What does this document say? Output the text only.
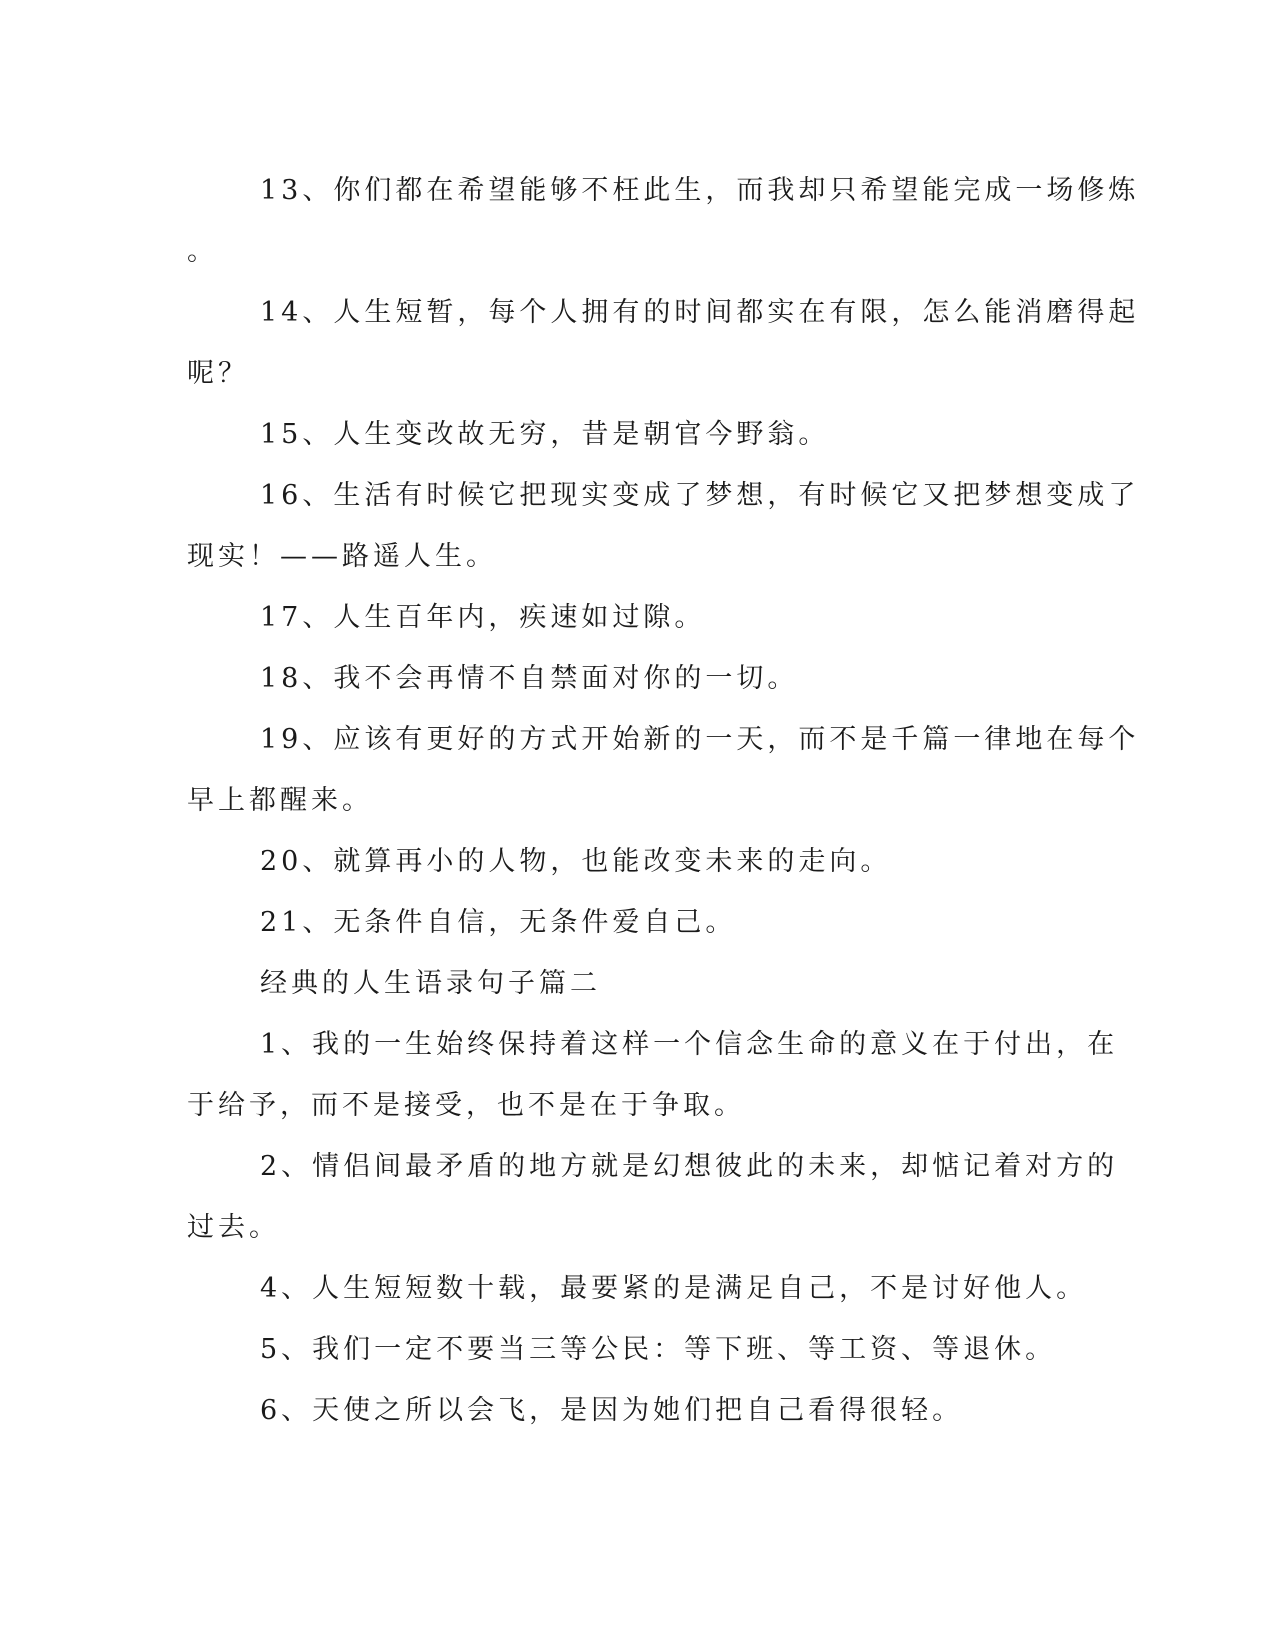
13、你们都在希望能够不枉此生，而我却只希望能完成一场修炼
。
14、人生短暂，每个人拥有的时间都实在有限，怎么能消磨得起
呢？
15、人生变改故无穷，昔是朝官今野翁。
16、生活有时候它把现实变成了梦想，有时候它又把梦想变成了
现实！——路遥人生。
17、人生百年内，疾速如过隙。
18、我不会再情不自禁面对你的一切。
19、应该有更好的方式开始新的一天，而不是千篇一律地在每个
早上都醒来。
20、就算再小的人物，也能改变未来的走向。
21、无条件自信，无条件爱自己。
经典的人生语录句子篇二
1、我的一生始终保持着这样一个信念生命的意义在于付出，在
于给予，而不是接受，也不是在于争取。
2、情侣间最矛盾的地方就是幻想彼此的未来，却惦记着对方的
过去。
4、人生短短数十载，最要紧的是满足自己，不是讨好他人。
5、我们一定不要当三等公民：等下班、等工资、等退休。
6、天使之所以会飞，是因为她们把自己看得很轻。
